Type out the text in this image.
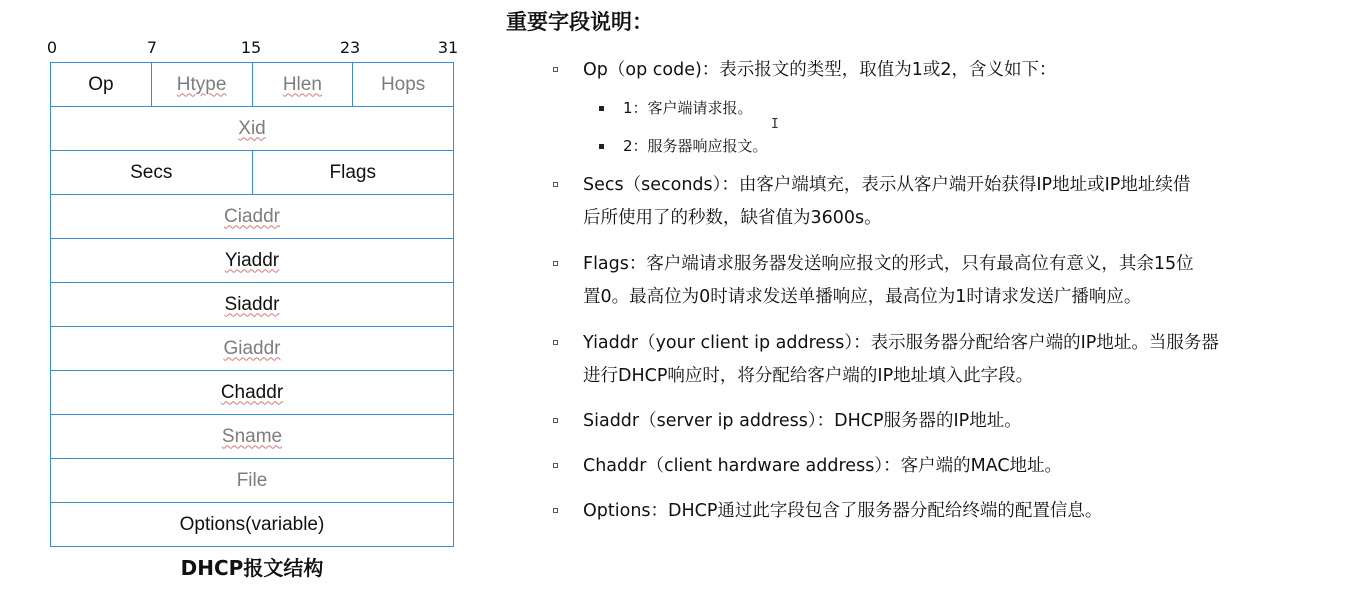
0	7	15	23	31
Op	Htype	Hlen	Hops
Xid
Secs	Flags
Ciaddr
Yiaddr
Siaddr
Giaddr
Chaddr
Sname
File
Options(variable)
DHCP报文结构
重要字段说明：
Op（op code)：表示报文的类型，取值为1或2，含义如下：
1：客户端请求报。
2：服务器响应报文。
Secs（seconds）：由客户端填充，表示从客户端开始获得IP地址或IP地址续借
后所使用了的秒数，缺省值为3600s。
Flags：客户端请求服务器发送响应报文的形式，只有最高位有意义，其余15位
置0。最高位为0时请求发送单播响应，最高位为1时请求发送广播响应。
Yiaddr（your client ip address）：表示服务器分配给客户端的IP地址。当服务器
进行DHCP响应时，将分配给客户端的IP地址填入此字段。
Siaddr（server ip address）：DHCP服务器的IP地址。
Chaddr（client hardware address）：客户端的MAC地址。
Options：DHCP通过此字段包含了服务器分配给终端的配置信息。
I
